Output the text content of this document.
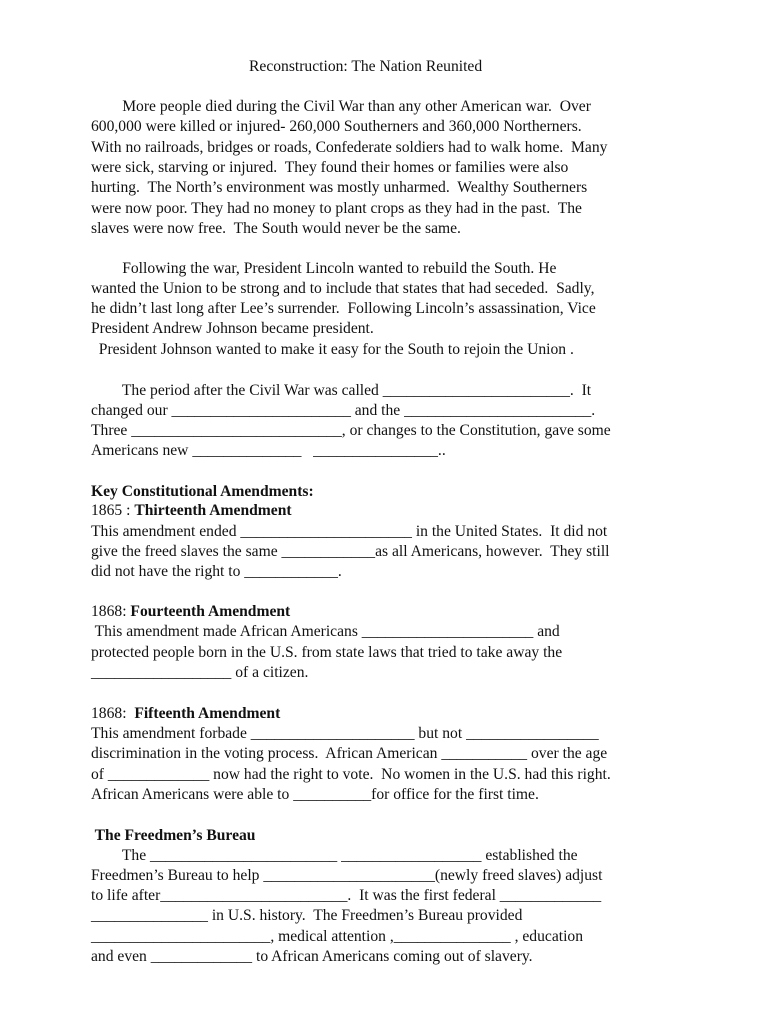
Reconstruction: The Nation Reunited
More people died during the Civil War than any other American war.  Over
600,000 were killed or injured- 260,000 Southerners and 360,000 Northerners.
With no railroads, bridges or roads, Confederate soldiers had to walk home.  Many
were sick, starving or injured.  They found their homes or families were also
hurting.  The North’s environment was mostly unharmed.  Wealthy Southerners
were now poor. They had no money to plant crops as they had in the past.  The
slaves were now free.  The South would never be the same.
Following the war, President Lincoln wanted to rebuild the South. He
wanted the Union to be strong and to include that states that had seceded.  Sadly,
he didn’t last long after Lee’s surrender.  Following Lincoln’s assassination, Vice
President Andrew Johnson became president.
President Johnson wanted to make it easy for the South to rejoin the Union .
The period after the Civil War was called ________________________.  It
changed our _______________________ and the ________________________.
Three ___________________________, or changes to the Constitution, gave some
Americans new ______________   ________________..
Key Constitutional Amendments:
1865 : Thirteenth Amendment
This amendment ended ______________________ in the United States.  It did not
give the freed slaves the same ____________as all Americans, however.  They still
did not have the right to ____________.
1868: Fourteenth Amendment
This amendment made African Americans ______________________ and
protected people born in the U.S. from state laws that tried to take away the
__________________ of a citizen.
1868:  Fifteenth Amendment
This amendment forbade _____________________ but not _________________
discrimination in the voting process.  African American ___________ over the age
of _____________ now had the right to vote.  No women in the U.S. had this right.
African Americans were able to __________for office for the first time.
The Freedmen’s Bureau
The ________________________ __________________ established the
Freedmen’s Bureau to help ______________________(newly freed slaves) adjust
to life after________________________.  It was the first federal _____________
_______________ in U.S. history.  The Freedmen’s Bureau provided
_______________________, medical attention ,_______________ , education
and even _____________ to African Americans coming out of slavery.
